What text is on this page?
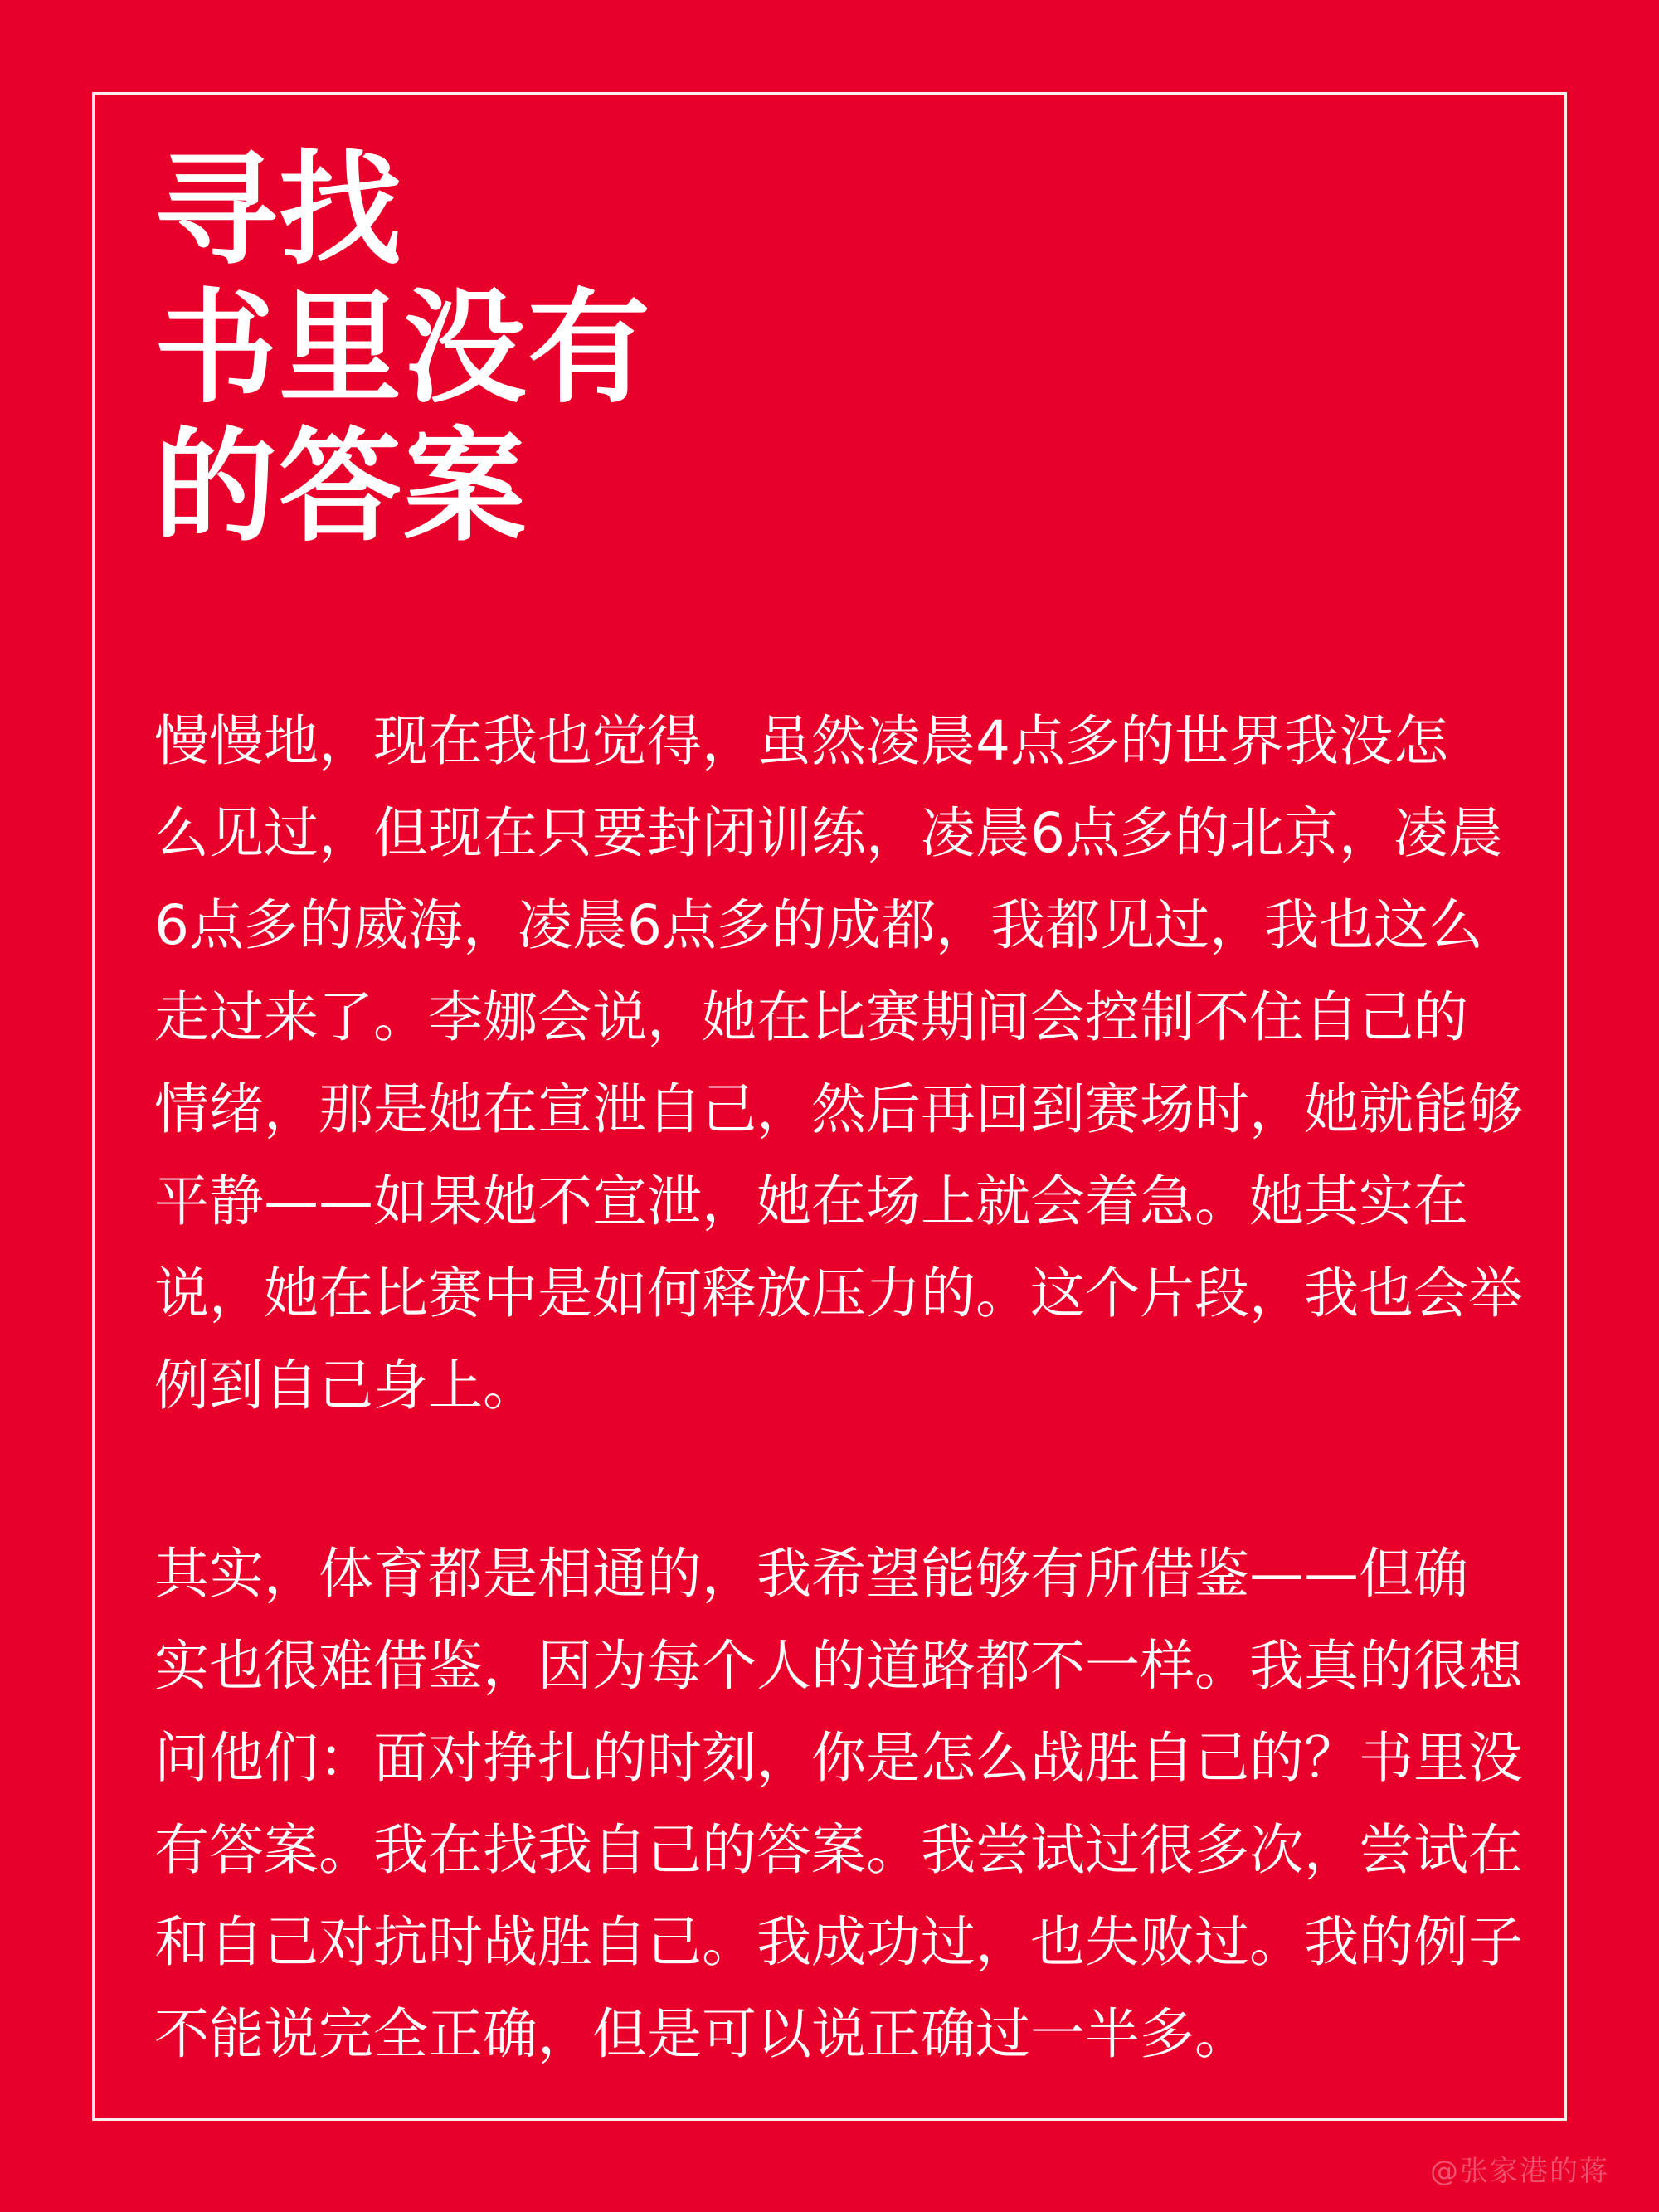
寻找
书里没有
的答案

慢慢地，现在我也觉得，虽然凌晨4点多的世界我没怎
么见过，但现在只要封闭训练，凌晨6点多的北京，凌晨
6点多的威海，凌晨6点多的成都，我都见过，我也这么
走过来了。李娜会说，她在比赛期间会控制不住自己的
情绪，那是她在宣泄自己，然后再回到赛场时，她就能够
平静——如果她不宣泄，她在场上就会着急。她其实在
说，她在比赛中是如何释放压力的。这个片段，我也会举
例到自己身上。

其实，体育都是相通的，我希望能够有所借鉴——但确
实也很难借鉴，因为每个人的道路都不一样。我真的很想
问他们：面对挣扎的时刻，你是怎么战胜自己的？书里没
有答案。我在找我自己的答案。我尝试过很多次，尝试在
和自己对抗时战胜自己。我成功过，也失败过。我的例子
不能说完全正确，但是可以说正确过一半多。

@张家港的蒋
